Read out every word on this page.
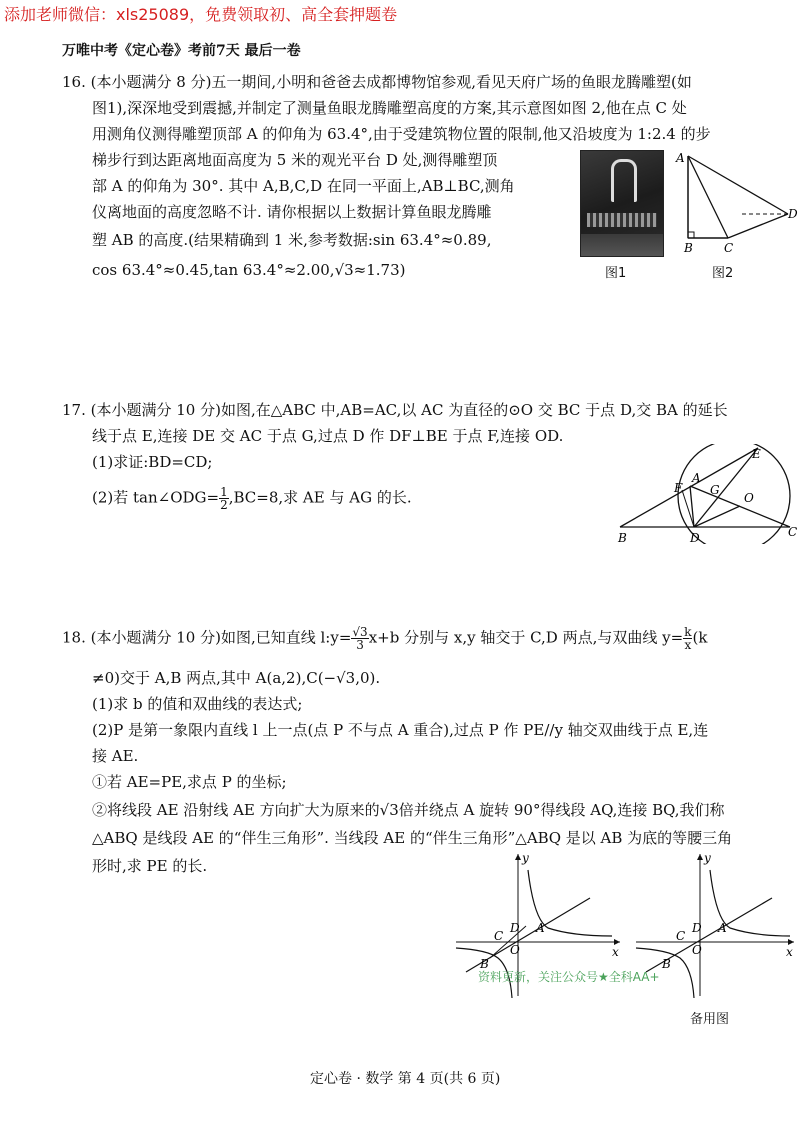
添加老师微信：xls25089，免费领取初、高全套押题卷
万唯中考《定心卷》考前7天 最后一卷
16. (本小题满分 8 分)五一期间,小明和爸爸去成都博物馆参观,看见天府广场的鱼眼龙腾雕塑(如
图1),深深地受到震撼,并制定了测量鱼眼龙腾雕塑高度的方案,其示意图如图 2,他在点 C 处
用测角仪测得雕塑顶部 A 的仰角为 63.4°,由于受建筑物位置的限制,他又沿坡度为 1:2.4 的步
梯步行到达距离地面高度为 5 米的观光平台 D 处,测得雕塑顶
部 A 的仰角为 30°. 其中 A,B,C,D 在同一平面上,AB⊥BC,测角
仪离地面的高度忽略不计. 请你根据以上数据计算鱼眼龙腾雕
塑 AB 的高度.(结果精确到 1 米,参考数据:sin 63.4°≈0.89,
cos 63.4°≈0.45,tan 63.4°≈2.00,√3≈1.73)	图1
A
B	C
D
图2
17. (本小题满分 10 分)如图,在△ABC 中,AB=AC,以 AC 为直径的⊙O 交 BC 于点 D,交 BA 的延长
线于点 E,连接 DE 交 AC 于点 G,过点 D 作 DF⊥BE 于点 F,连接 OD.
(1)求证:BD=CD;
(2)若 tan∠ODG= $\frac{1}{2} ,BC=8$,求 AE 与 AG 的长.
E
A
F G
O
B	D	C
18. (本小题满分 10 分)如图,已知直线 l:y= $\frac{√3}{3} x+b$ 分别与 x,y 轴交于 C,D 两点,与双曲线 $y= \frac{k}{x} (k$
≠0)交于 A,B 两点,其中 A(a,2),C(−√3,0).
(1)求 b 的值和双曲线的表达式;
(2)P 是第一象限内直线 l 上一点(点 P 不与点 A 重合),过点 P 作 PE//y 轴交双曲线于点 E,连
接 AE.
①若 AE=PE,求点 P 的坐标;
②将线段 AE 沿射线 AE 方向扩大为原来的√3倍并绕点 A 旋转 90°得线段 AQ,连接 BQ,我们称
△ABQ 是线段 AE 的“伴生三角形”. 当线段 AE 的“伴生三角形”△ABQ 是以 AB 为底的等腰三角
形时,求 PE 的长.	y
x
D
C
O
A
B
y
x
D
C
O
A
B
备用图
资料更新，关注公众号★全科AA+
定心卷 · 数学 第 4 页(共 6 页)
